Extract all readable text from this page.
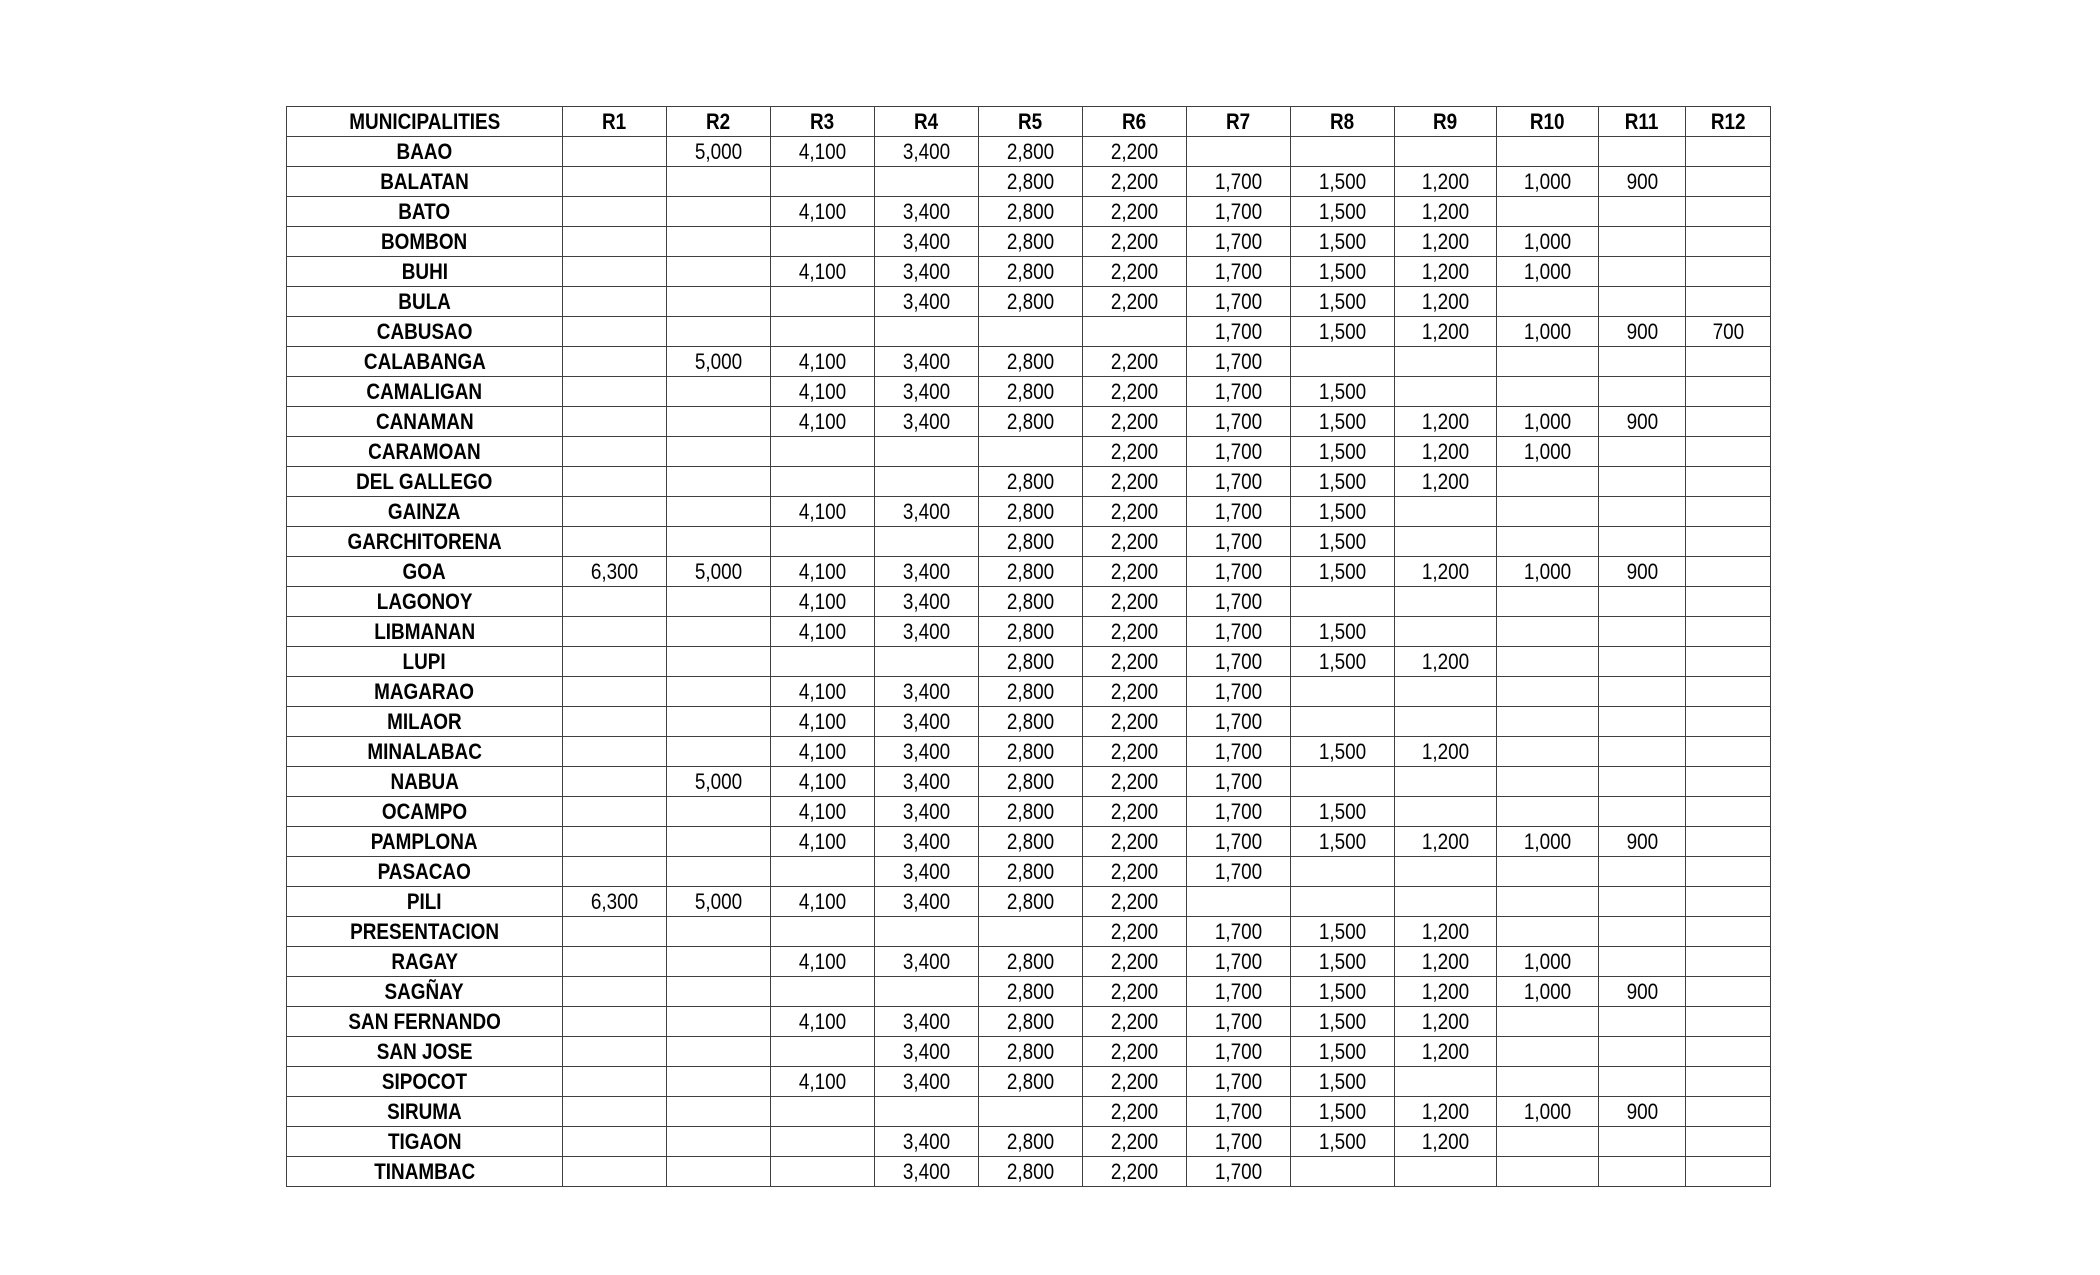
MUNICIPALITIES	R1	R2	R3	R4	R5	R6	R7	R8	R9	R10	R11	R12
BAAO		5,000	4,100	3,400	2,800	2,200						
BALATAN					2,800	2,200	1,700	1,500	1,200	1,000	900	
BATO			4,100	3,400	2,800	2,200	1,700	1,500	1,200			
BOMBON				3,400	2,800	2,200	1,700	1,500	1,200	1,000		
BUHI			4,100	3,400	2,800	2,200	1,700	1,500	1,200	1,000		
BULA				3,400	2,800	2,200	1,700	1,500	1,200			
CABUSAO							1,700	1,500	1,200	1,000	900	700
CALABANGA		5,000	4,100	3,400	2,800	2,200	1,700					
CAMALIGAN			4,100	3,400	2,800	2,200	1,700	1,500				
CANAMAN			4,100	3,400	2,800	2,200	1,700	1,500	1,200	1,000	900	
CARAMOAN						2,200	1,700	1,500	1,200	1,000		
DEL GALLEGO					2,800	2,200	1,700	1,500	1,200			
GAINZA			4,100	3,400	2,800	2,200	1,700	1,500				
GARCHITORENA					2,800	2,200	1,700	1,500				
GOA	6,300	5,000	4,100	3,400	2,800	2,200	1,700	1,500	1,200	1,000	900	
LAGONOY			4,100	3,400	2,800	2,200	1,700					
LIBMANAN			4,100	3,400	2,800	2,200	1,700	1,500				
LUPI					2,800	2,200	1,700	1,500	1,200			
MAGARAO			4,100	3,400	2,800	2,200	1,700					
MILAOR			4,100	3,400	2,800	2,200	1,700					
MINALABAC			4,100	3,400	2,800	2,200	1,700	1,500	1,200			
NABUA		5,000	4,100	3,400	2,800	2,200	1,700					
OCAMPO			4,100	3,400	2,800	2,200	1,700	1,500				
PAMPLONA			4,100	3,400	2,800	2,200	1,700	1,500	1,200	1,000	900	
PASACAO				3,400	2,800	2,200	1,700					
PILI	6,300	5,000	4,100	3,400	2,800	2,200						
PRESENTACION						2,200	1,700	1,500	1,200			
RAGAY			4,100	3,400	2,800	2,200	1,700	1,500	1,200	1,000		
SAGÑAY					2,800	2,200	1,700	1,500	1,200	1,000	900	
SAN FERNANDO			4,100	3,400	2,800	2,200	1,700	1,500	1,200			
SAN JOSE				3,400	2,800	2,200	1,700	1,500	1,200			
SIPOCOT			4,100	3,400	2,800	2,200	1,700	1,500				
SIRUMA						2,200	1,700	1,500	1,200	1,000	900	
TIGAON				3,400	2,800	2,200	1,700	1,500	1,200			
TINAMBAC				3,400	2,800	2,200	1,700					
